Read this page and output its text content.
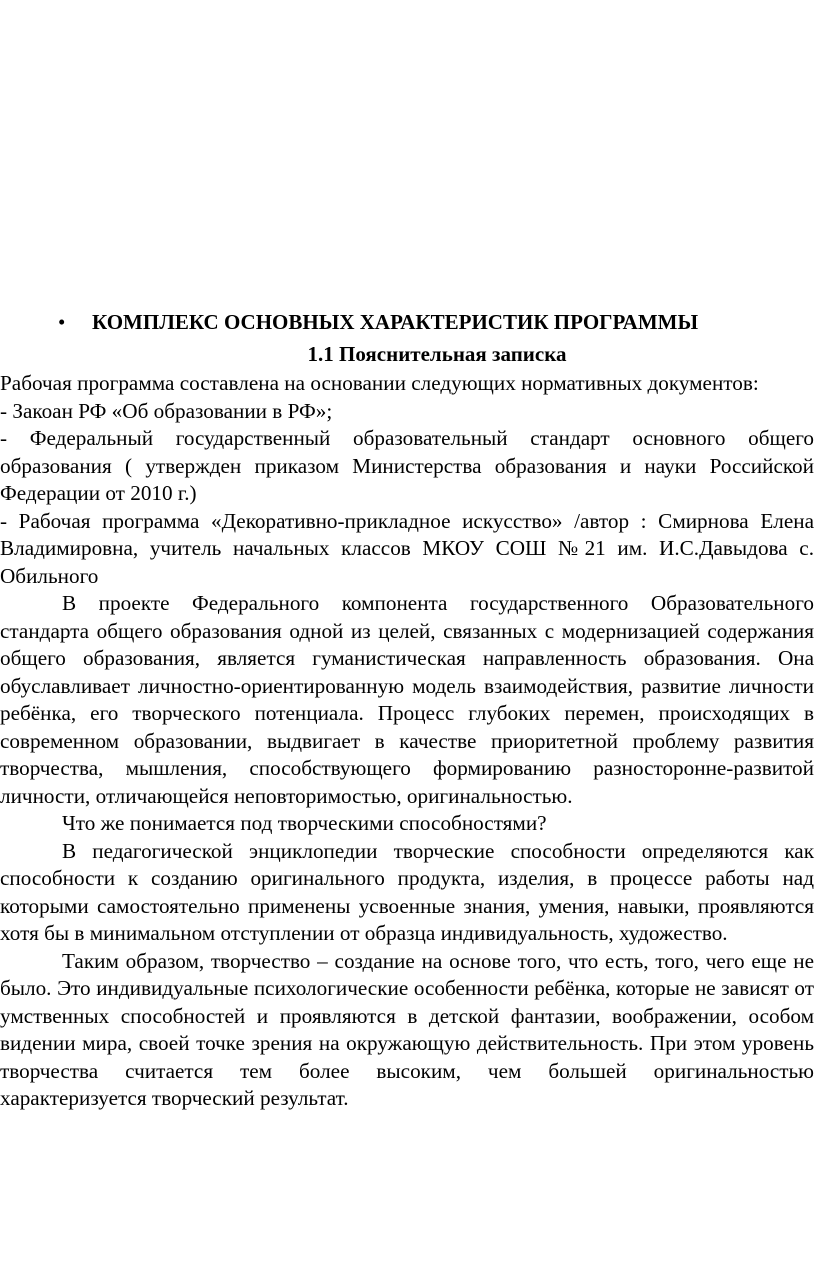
• КОМПЛЕКС ОСНОВНЫХ ХАРАКТЕРИСТИК ПРОГРАММЫ
1.1 Пояснительная записка

Рабочая программа составлена на основании следующих нормативных документов:

- Закоан РФ «Об образовании в РФ»;

- Федеральный государственный образовательный стандарт основного общего образования ( утвержден приказом Министерства образования и науки Российской Федерации от 2010 г.)

- Рабочая программа «Декоративно-прикладное искусство» /автор : Смирнова Елена Владимировна, учитель начальных классов МКОУ СОШ №21 им. И.С.Давыдова с. Обильного

В проекте Федерального компонента государственного Образовательного стандарта общего образования одной из целей, связанных с модернизацией содержания общего образования, является гуманистическая направленность образования. Она обуславливает личностно-ориентированную модель взаимодействия, развитие личности ребёнка, его творческого потенциала. Процесс глубоких перемен, происходящих в современном образовании, выдвигает в качестве приоритетной проблему развития творчества, мышления, способствующего формированию разносторонне-развитой личности, отличающейся неповторимостью, оригинальностью.

Что же понимается под творческими способностями?

В педагогической энциклопедии творческие способности определяются как способности к созданию оригинального продукта, изделия, в процессе работы над которыми самостоятельно применены усвоенные знания, умения, навыки, проявляются хотя бы в минимальном отступлении от образца индивидуальность, художество.

Таким образом, творчество – создание на основе того, что есть, того, чего еще не было. Это индивидуальные психологические особенности ребёнка, которые не зависят от умственных способностей и проявляются в детской фантазии, воображении, особом видении мира, своей точке зрения на окружающую действительность. При этом уровень творчества считается тем более высоким, чем большей оригинальностью характеризуется творческий результат.
